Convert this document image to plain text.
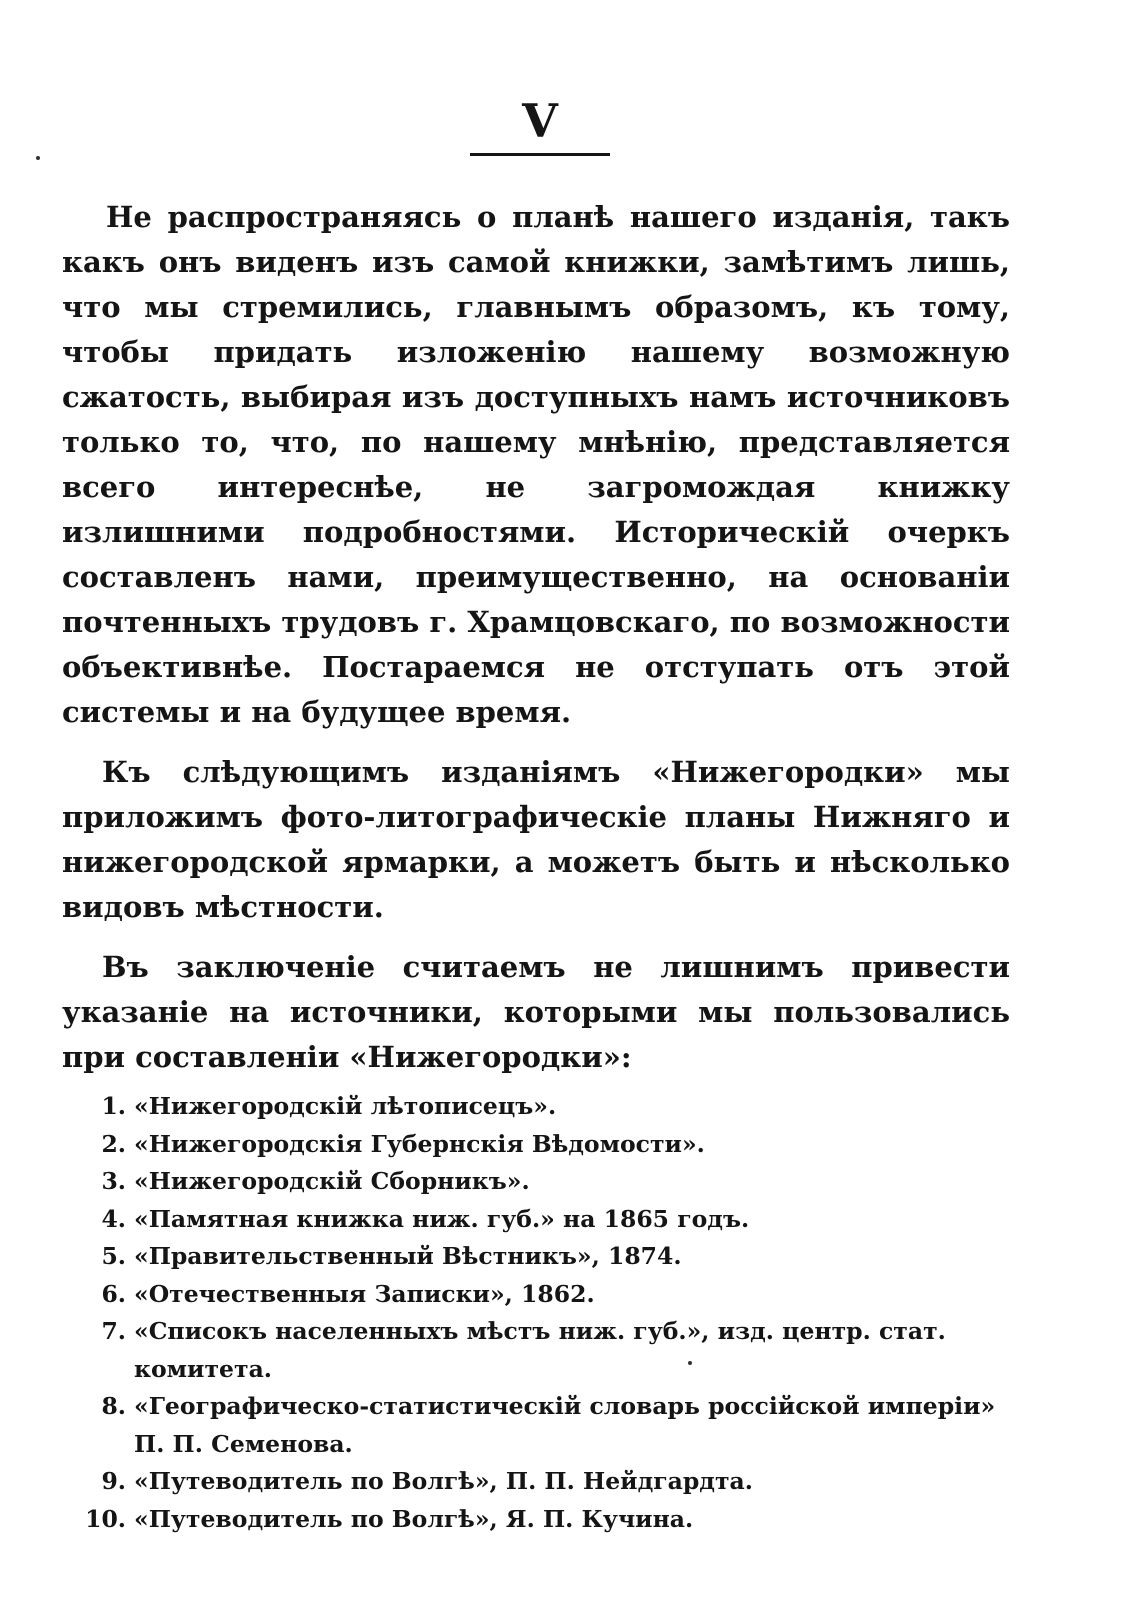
V

Не распространяясь о планѣ нашего изданія, такъ какъ онъ виденъ изъ самой книжки, замѣтимъ лишь, что мы стремились, главнымъ образомъ, къ тому, чтобы придать изложенію нашему возможную сжатость, выбирая изъ доступныхъ намъ источниковъ только то, что, по нашему мнѣнію, представляется всего интереснѣе, не загромождая книжку излишними подробностями. Историческій очеркъ составленъ нами, преимущественно, на основаніи почтенныхъ трудовъ г. Храмцовскаго, по возможности объективнѣе. Постараемся не отступать отъ этой системы и на будущее время.

Къ слѣдующимъ изданіямъ «Нижегородки» мы приложимъ фото-литографическіе планы Нижняго и нижегородской ярмарки, а можетъ быть и нѣсколько видовъ мѣстности.

Въ заключеніе считаемъ не лишнимъ привести указаніе на источники, которыми мы пользовались при составленіи «Нижегородки»:

1. «Нижегородскій лѣтописецъ».
2. «Нижегородскія Губернскія Вѣдомости».
3. «Нижегородскій Сборникъ».
4. «Памятная книжка ниж. губ.» на 1865 годъ.
5. «Правительственный Вѣстникъ», 1874.
6. «Отечественныя Записки», 1862.
7. «Списокъ населенныхъ мѣстъ ниж. губ.», изд. центр. стат. комитета.
8. «Географическо-статистическій словарь россійской имперіи» П. П. Семенова.
9. «Путеводитель по Волгѣ», П. П. Нейдгардта.
10. «Путеводитель по Волгѣ», Я. П. Кучина.
